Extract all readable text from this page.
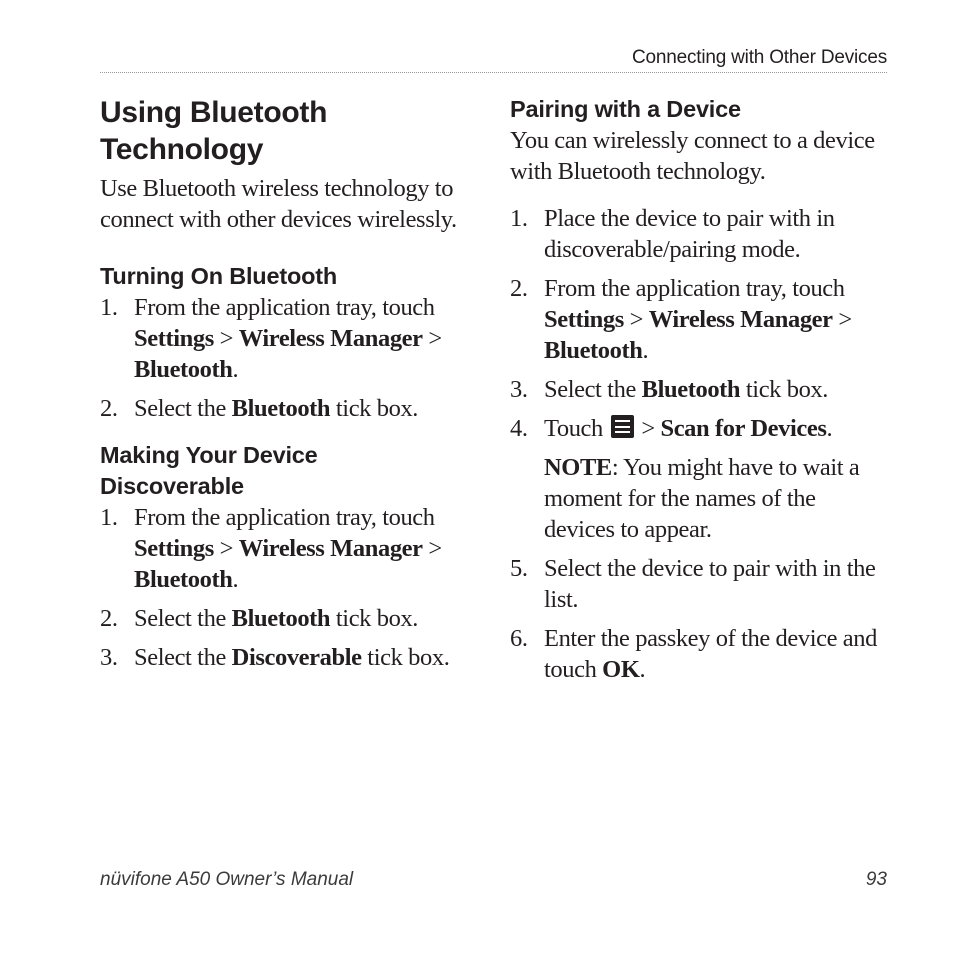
Connecting with Other Devices
Using Bluetooth
Technology

Use Bluetooth wireless technology to connect with other devices wirelessly.

Turning On Bluetooth
1. From the application tray, touch Settings > Wireless Manager > Bluetooth.
2. Select the Bluetooth tick box.
Making Your Device
Discoverable
1. From the application tray, touch Settings > Wireless Manager > Bluetooth.
2. Select the Bluetooth tick box.
3. Select the Discoverable tick box.
Pairing with a Device

You can wirelessly connect to a device with Bluetooth technology.

1. Place the device to pair with in discoverable/pairing mode.
2. From the application tray, touch Settings > Wireless Manager > Bluetooth.
3. Select the Bluetooth tick box.
4. Touch
> Scan for Devices.
NOTE: You might have to wait a moment for the names of the devices to appear.
5. Select the device to pair with in the list.
6. Enter the passkey of the device and touch OK.
nüvifone A50 Owner’s Manual	93
